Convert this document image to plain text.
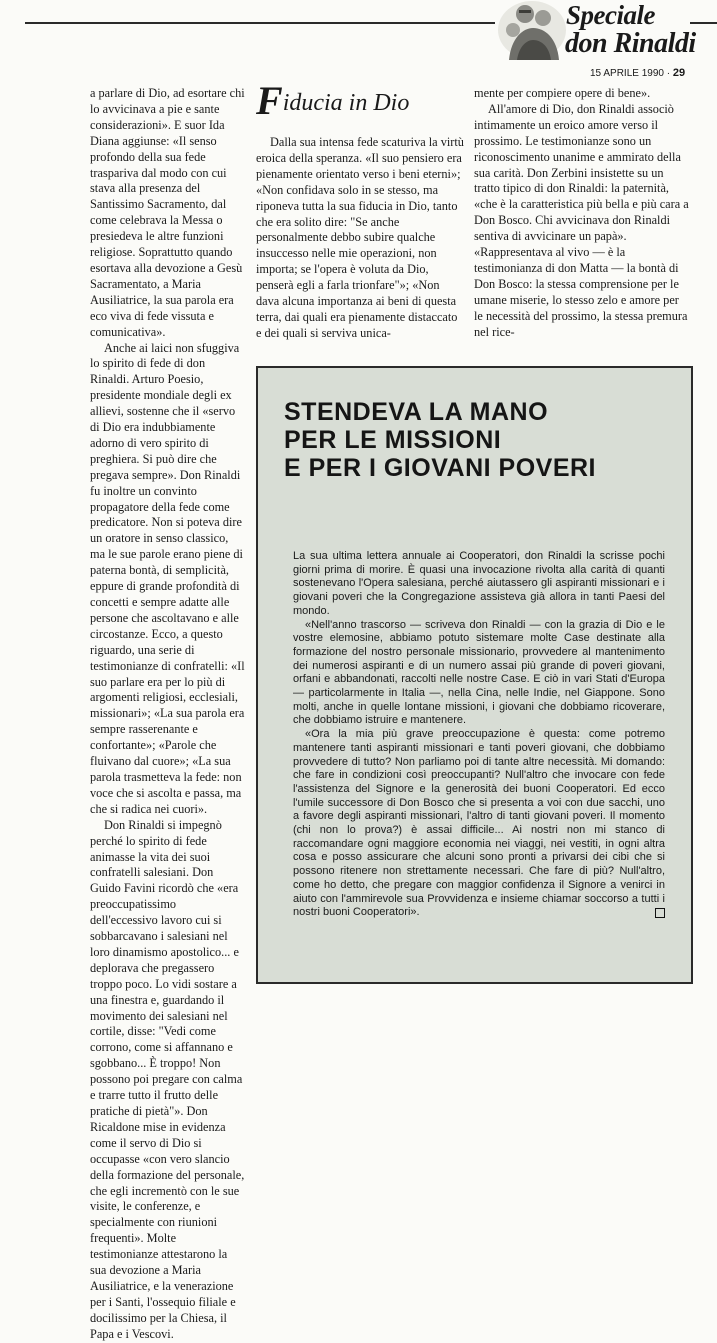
Speciale
don Rinaldi
15 APRILE 1990 · 29

a parlare di Dio, ad esortare chi lo avvicinava a pie e sante considerazioni». E suor Ida Diana aggiunse: «Il senso profondo della sua fede traspariva dal modo con cui stava alla presenza del Santissimo Sacramento, dal come celebrava la Messa o presiedeva le altre funzioni religiose. Soprattutto quando esortava alla devozione a Gesù Sacramentato, a Maria Ausiliatrice, la sua parola era eco viva di fede vissuta e comunicativa».

Anche ai laici non sfuggiva lo spirito di fede di don Rinaldi. Arturo Poesio, presidente mondiale degli ex allievi, sostenne che il «servo di Dio era indubbiamente adorno di vero spirito di preghiera. Si può dire che pregava sempre». Don Rinaldi fu inoltre un convinto propagatore della fede come predicatore. Non si poteva dire un oratore in senso classico, ma le sue parole erano piene di paterna bontà, di semplicità, eppure di grande profondità di concetti e sempre adatte alle persone che ascoltavano e alle circostanze. Ecco, a questo riguardo, una serie di testimonianze di confratelli: «Il suo parlare era per lo più di argomenti religiosi, ecclesiali, missionari»; «La sua parola era sempre rasserenante e confortante»; «Parole che fluivano dal cuore»; «La sua parola trasmetteva la fede: non voce che si ascolta e passa, ma che si radica nei cuori».

Don Rinaldi si impegnò perché lo spirito di fede animasse la vita dei suoi confratelli salesiani. Don Guido Favini ricordò che «era preoccupatissimo dell'eccessivo lavoro cui si sobbarcavano i salesiani nel loro dinamismo apostolico... e deplorava che pregassero troppo poco. Lo vidi sostare a una finestra e, guardando il movimento dei salesiani nel cortile, disse: "Vedi come corrono, come si affannano e sgobbano... È troppo! Non possono poi pregare con calma e trarre tutto il frutto delle pratiche di pietà"». Don Ricaldone mise in evidenza come il servo di Dio si occupasse «con vero slancio della formazione del personale, che egli incrementò con le sue visite, le conferenze, e specialmente con riunioni frequenti». Molte testimonianze attestarono la sua devozione a Maria Ausiliatrice, e la venerazione per i Santi, l'ossequio filiale e docilissimo per la Chiesa, il Papa e i Vescovi.

Fiducia in Dio

Dalla sua intensa fede scaturiva la virtù eroica della speranza. «Il suo pensiero era pienamente orientato verso i beni eterni»; «Non confidava solo in se stesso, ma riponeva tutta la sua fiducia in Dio, tanto che era solito dire: "Se anche personalmente debbo subire qualche insuccesso nelle mie operazioni, non importa; se l'opera è voluta da Dio, penserà egli a farla trionfare"»; «Non dava alcuna importanza ai beni di questa terra, dai quali era pienamente distaccato e dei quali si serviva unica-

mente per compiere opere di bene».

All'amore di Dio, don Rinaldi associò intimamente un eroico amore verso il prossimo. Le testimonianze sono un riconoscimento unanime e ammirato della sua carità. Don Zerbini insistette su un tratto tipico di don Rinaldi: la paternità, «che è la caratteristica più bella e più cara a Don Bosco. Chi avvicinava don Rinaldi sentiva di avvicinare un papà». «Rappresentava al vivo — è la testimonianza di don Matta — la bontà di Don Bosco: la stessa comprensione per le umane miserie, lo stesso zelo e amore per le necessità del prossimo, la stessa premura nel rice-

STENDEVA LA MANO
PER LE MISSIONI
E PER I GIOVANI POVERI

La sua ultima lettera annuale ai Cooperatori, don Rinaldi la scrisse pochi giorni prima di morire. È quasi una invocazione rivolta alla carità di quanti sostenevano l'Opera salesiana, perché aiutassero gli aspiranti missionari e i giovani poveri che la Congregazione assisteva già allora in tanti Paesi del mondo.

«Nell'anno trascorso — scriveva don Rinaldi — con la grazia di Dio e le vostre elemosine, abbiamo potuto sistemare molte Case destinate alla formazione del nostro personale missionario, provvedere al mantenimento dei numerosi aspiranti e di un numero assai più grande di poveri giovani, orfani e abbandonati, raccolti nelle nostre Case. E ciò in vari Stati d'Europa — particolarmente in Italia —, nella Cina, nelle Indie, nel Giappone. Sono molti, anche in quelle lontane missioni, i giovani che dobbiamo ricoverare, che dobbiamo istruire e mantenere.

«Ora la mia più grave preoccupazione è questa: come potremo mantenere tanti aspiranti missionari e tanti poveri giovani, che dobbiamo provvedere di tutto? Non parliamo poi di tante altre necessità. Mi domando: che fare in condizioni così preoccupanti? Null'altro che invocare con fede l'assistenza del Signore e la generosità dei buoni Cooperatori. Ed ecco l'umile successore di Don Bosco che si presenta a voi con due sacchi, uno a favore degli aspiranti missionari, l'altro di tanti giovani poveri. Il momento (chi non lo prova?) è assai difficile... Ai nostri non mi stanco di raccomandare ogni maggiore economia nei viaggi, nei vestiti, in ogni altra cosa e posso assicurare che alcuni sono pronti a privarsi dei cibi che si possono ritenere non strettamente necessari. Che fare di più? Null'altro, come ho detto, che pregare con maggior confidenza il Signore a venirci in aiuto con l'ammirevole sua Provvidenza e insieme chiamar soccorso a tutti i nostri buoni Cooperatori».
